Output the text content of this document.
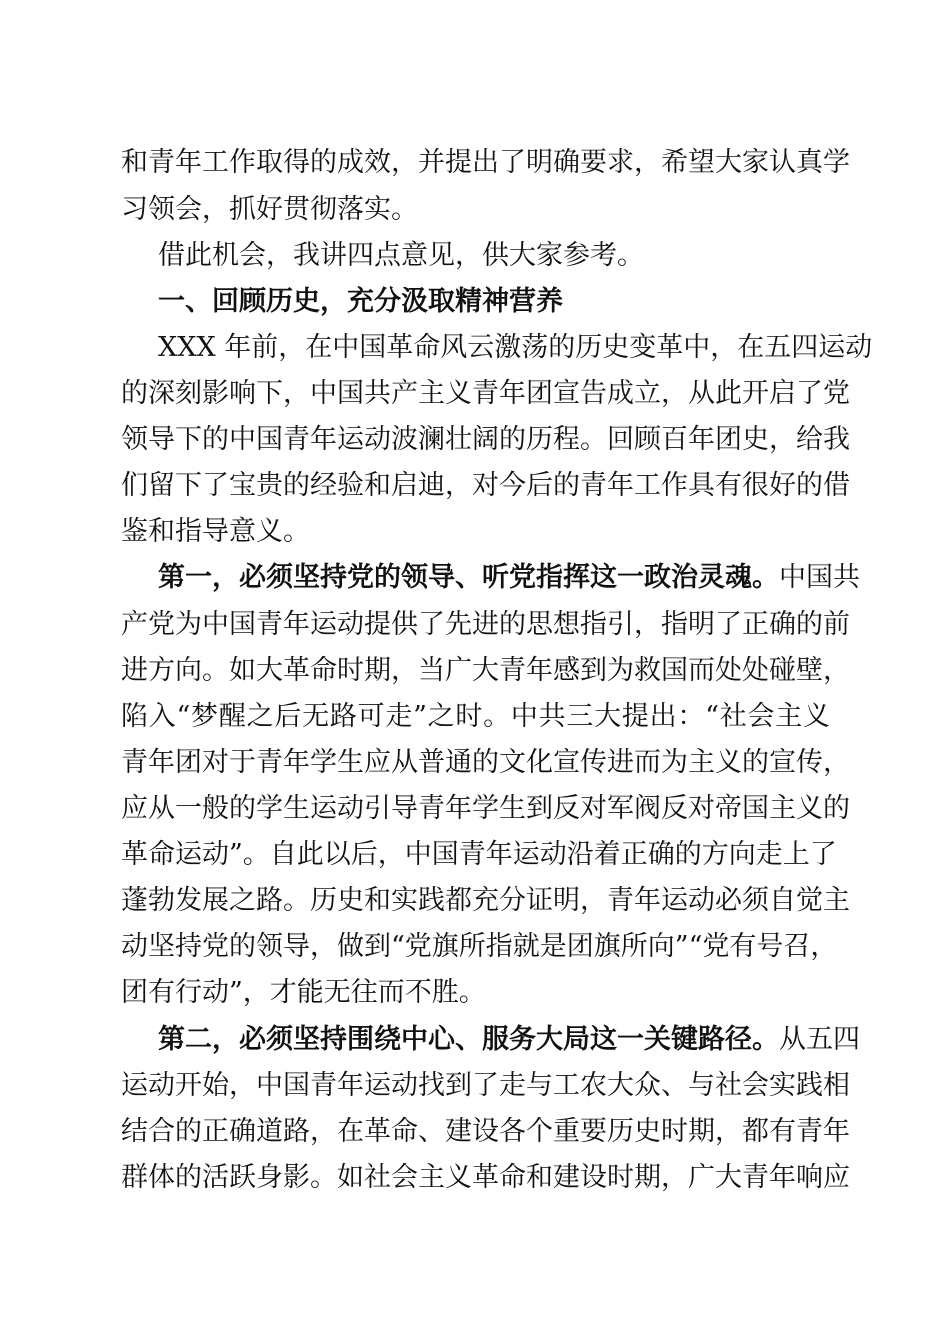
和青年工作取得的成效，并提出了明确要求，希望大家认真学
习领会，抓好贯彻落实。
借此机会，我讲四点意见，供大家参考。
一、回顾历史，充分汲取精神营养
XXX 年前，在中国革命风云激荡的历史变革中，在五四运动
的深刻影响下，中国共产主义青年团宣告成立，从此开启了党
领导下的中国青年运动波澜壮阔的历程。回顾百年团史，给我
们留下了宝贵的经验和启迪，对今后的青年工作具有很好的借
鉴和指导意义。
第一，必须坚持党的领导、听党指挥这一政治灵魂。中国共
产党为中国青年运动提供了先进的思想指引，指明了正确的前
进方向。如大革命时期，当广大青年感到为救国而处处碰壁，
陷入“梦醒之后无路可走”之时。中共三大提出：“社会主义
青年团对于青年学生应从普通的文化宣传进而为主义的宣传，
应从一般的学生运动引导青年学生到反对军阀反对帝国主义的
革命运动”。自此以后，中国青年运动沿着正确的方向走上了
蓬勃发展之路。历史和实践都充分证明，青年运动必须自觉主
动坚持党的领导，做到“党旗所指就是团旗所向”“党有号召，
团有行动”，才能无往而不胜。
第二，必须坚持围绕中心、服务大局这一关键路径。从五四
运动开始，中国青年运动找到了走与工农大众、与社会实践相
结合的正确道路，在革命、建设各个重要历史时期，都有青年
群体的活跃身影。如社会主义革命和建设时期，广大青年响应
